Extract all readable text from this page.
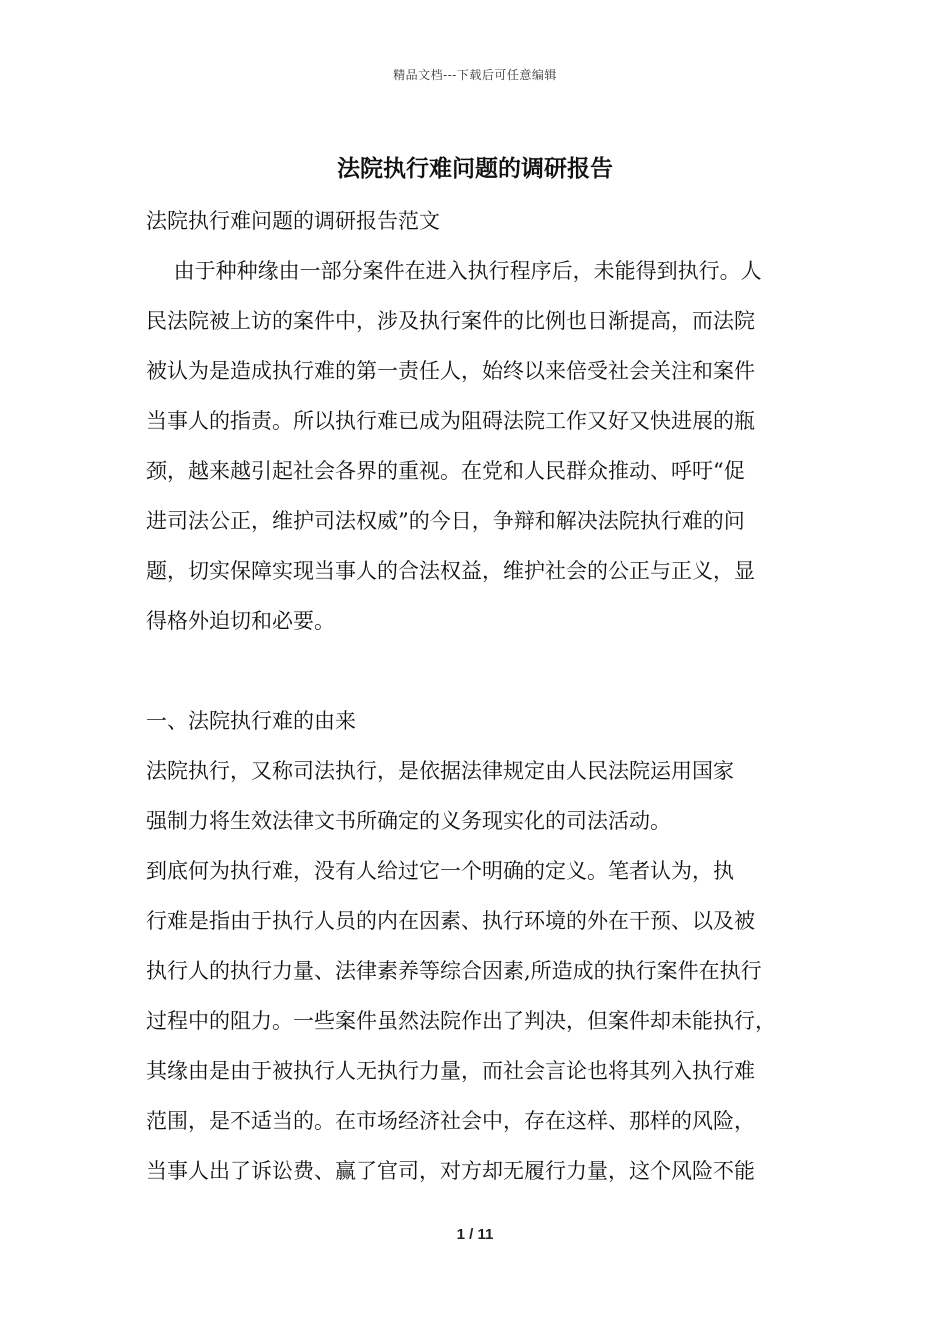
精品文档---下载后可任意编辑
法院执行难问题的调研报告
法院执行难问题的调研报告范文
　 由于种种缘由一部分案件在进入执行程序后，未能得到执行。人
民法院被上访的案件中，涉及执行案件的比例也日渐提高，而法院
被认为是造成执行难的第一责任人，始终以来倍受社会关注和案件
当事人的指责。所以执行难已成为阻碍法院工作又好又快进展的瓶
颈，越来越引起社会各界的重视。在党和人民群众推动、呼吁“促
进司法公正，维护司法权威”的今日，争辩和解决法院执行难的问
题，切实保障实现当事人的合法权益，维护社会的公正与正义，显
得格外迫切和必要。
一、法院执行难的由来
法院执行，又称司法执行，是依据法律规定由人民法院运用国家
强制力将生效法律文书所确定的义务现实化的司法活动。
到底何为执行难，没有人给过它一个明确的定义。笔者认为，执
行难是指由于执行人员的内在因素、执行环境的外在干预、以及被
执行人的执行力量、法律素养等综合因素,所造成的执行案件在执行
过程中的阻力。一些案件虽然法院作出了判决，但案件却未能执行，
其缘由是由于被执行人无执行力量，而社会言论也将其列入执行难
范围，是不适当的。在市场经济社会中，存在这样、那样的风险，
当事人出了诉讼费、赢了官司，对方却无履行力量，这个风险不能
1 / 11
